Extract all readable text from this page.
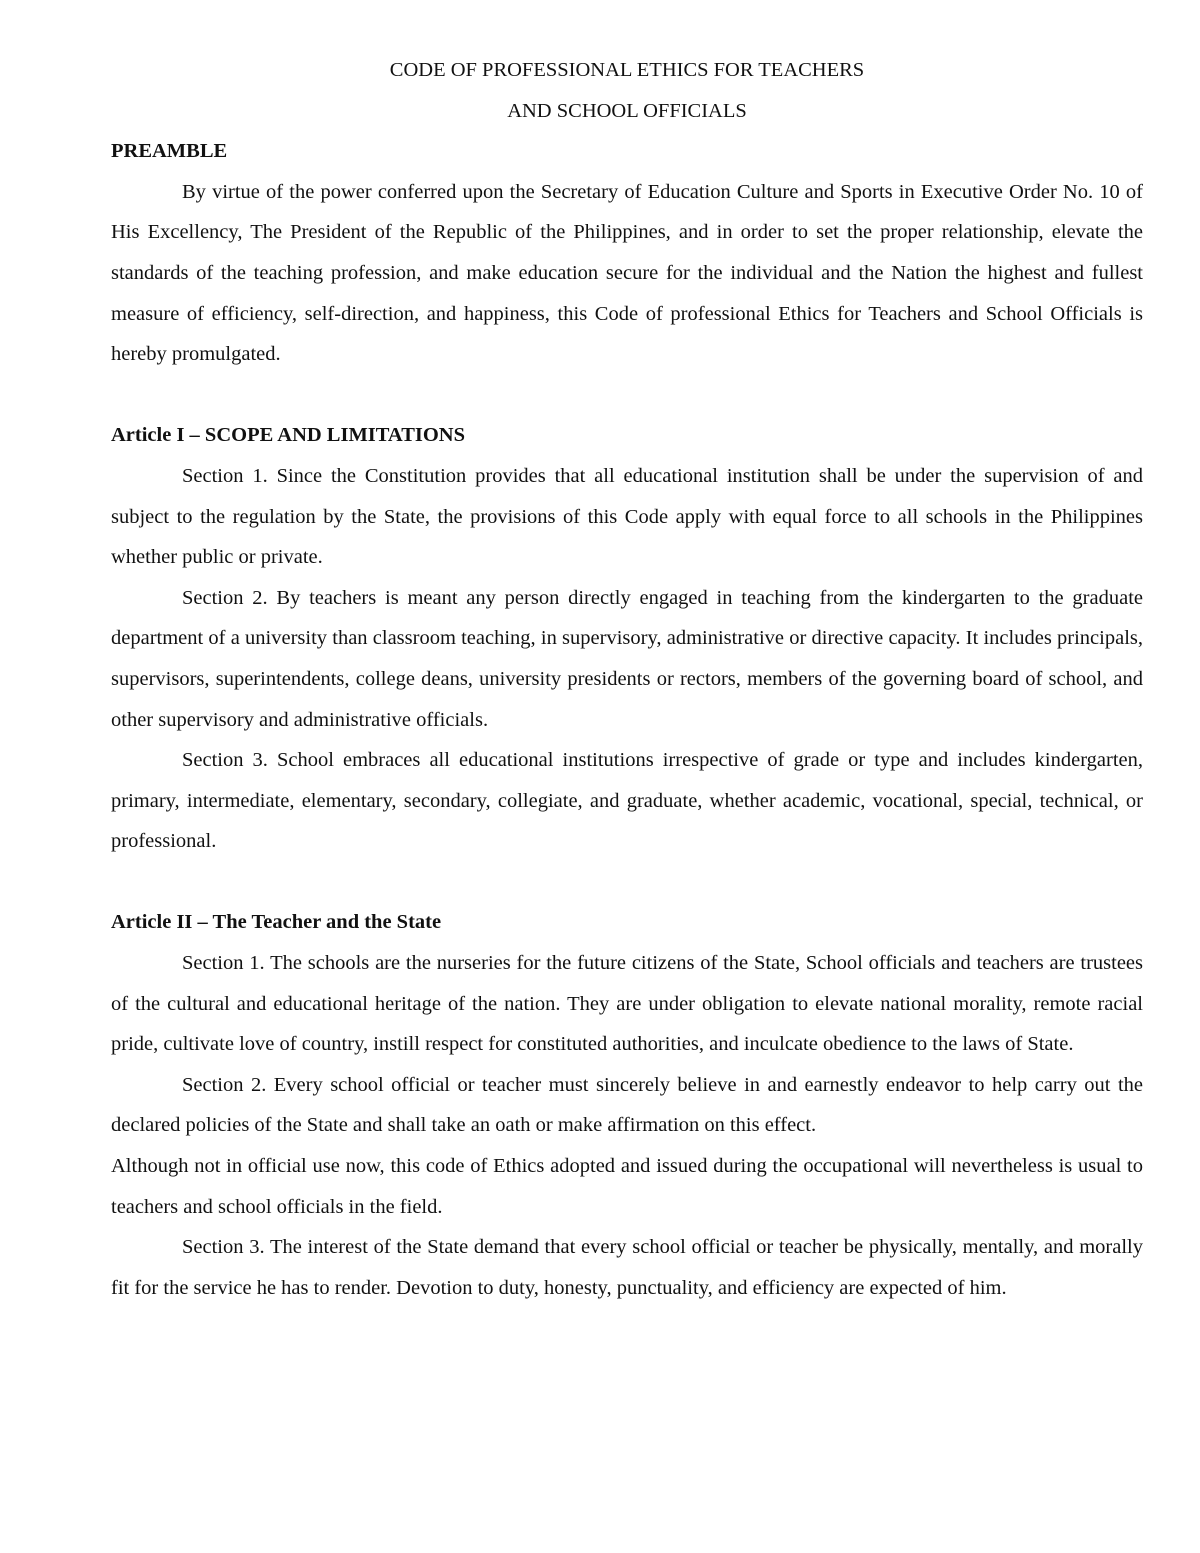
CODE OF PROFESSIONAL ETHICS FOR TEACHERS

AND SCHOOL OFFICIALS

PREAMBLE

By virtue of the power conferred upon the Secretary of Education Culture and Sports in Executive Order No. 10 of His Excellency, The President of the Republic of the Philippines, and in order to set the proper relationship, elevate the standards of the teaching profession, and make education secure for the individual and the Nation the highest and fullest measure of efficiency, self-direction, and happiness, this Code of professional Ethics for Teachers and School Officials is hereby promulgated.

Article I – SCOPE AND LIMITATIONS

Section 1. Since the Constitution provides that all educational institution shall be under the supervision of and subject to the regulation by the State, the provisions of this Code apply with equal force to all schools in the Philippines whether public or private.

Section 2. By teachers is meant any person directly engaged in teaching from the kindergarten to the graduate department of a university than classroom teaching, in supervisory, administrative or directive capacity. It includes principals, supervisors, superintendents, college deans, university presidents or rectors, members of the governing board of school, and other supervisory and administrative officials.

Section 3. School embraces all educational institutions irrespective of grade or type and includes kindergarten, primary, intermediate, elementary, secondary, collegiate, and graduate, whether academic, vocational, special, technical, or professional.

Article II – The Teacher and the State

Section 1. The schools are the nurseries for the future citizens of the State, School officials and teachers are trustees of the cultural and educational heritage of the nation. They are under obligation to elevate national morality, remote racial pride, cultivate love of country, instill respect for constituted authorities, and inculcate obedience to the laws of State.

Section 2. Every school official or teacher must sincerely believe in and earnestly endeavor to help carry out the declared policies of the State and shall take an oath or make affirmation on this effect.

Although not in official use now, this code of Ethics adopted and issued during the occupational will nevertheless is usual to teachers and school officials in the field.

Section 3. The interest of the State demand that every school official or teacher be physically, mentally, and morally fit for the service he has to render. Devotion to duty, honesty, punctuality, and efficiency are expected of him.
